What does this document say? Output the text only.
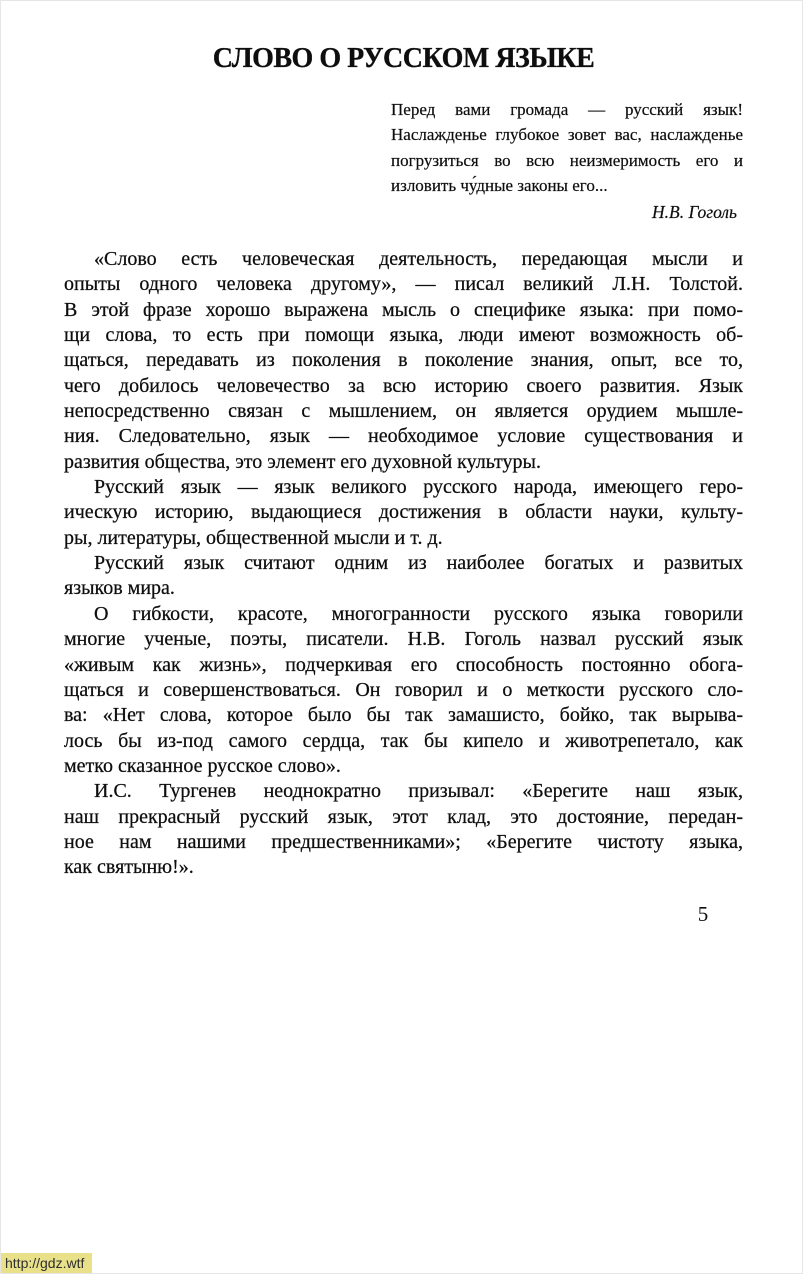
СЛОВО О РУССКОМ ЯЗЫКЕ
Перед вами громада — русский язык!
Наслажденье глубокое зовет вас, наслажденье
погрузиться во всю неизмеримость его и
изловить чу́дные законы его...
Н.В. Гоголь
«Слово есть человеческая деятельность, передающая мысли и
опыты одного человека другому», — писал великий Л.Н. Толстой.
В этой фразе хорошо выражена мысль о специфике языка: при помо-
щи слова, то есть при помощи языка, люди имеют возможность об-
щаться, передавать из поколения в поколение знания, опыт, все то,
чего добилось человечество за всю историю своего развития. Язык
непосредственно связан с мышлением, он является орудием мышле-
ния. Следовательно, язык — необходимое условие существования и
развития общества, это элемент его духовной культуры.
Русский язык — язык великого русского народа, имеющего геро-
ическую историю, выдающиеся достижения в области науки, культу-
ры, литературы, общественной мысли и т. д.
Русский язык считают одним из наиболее богатых и развитых
языков мира.
О гибкости, красоте, многогранности русского языка говорили
многие ученые, поэты, писатели. Н.В. Гоголь назвал русский язык
«живым как жизнь», подчеркивая его способность постоянно обога-
щаться и совершенствоваться. Он говорил и о меткости русского сло-
ва: «Нет слова, которое было бы так замашисто, бойко, так вырыва-
лось бы из-под самого сердца, так бы кипело и животрепетало, как
метко сказанное русское слово».
И.С. Тургенев неоднократно призывал: «Берегите наш язык,
наш прекрасный русский язык, этот клад, это достояние, передан-
ное нам нашими предшественниками»; «Берегите чистоту языка,
как святыню!».
5
http://gdz.wtf
